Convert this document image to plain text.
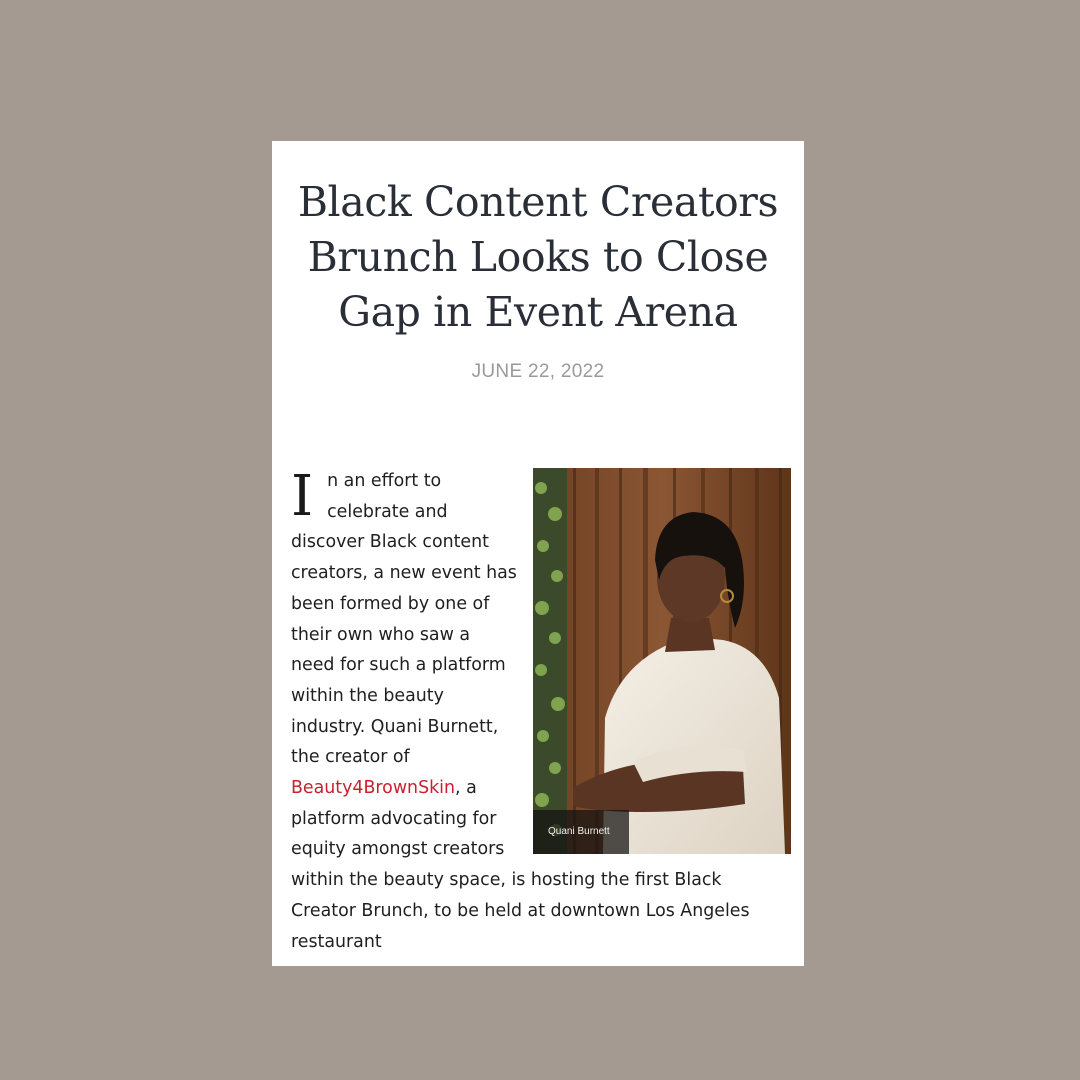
Black Content Creators Brunch Looks to Close Gap in Event Arena
JUNE 22, 2022
Quani Burnett
I n an effort to celebrate and discover Black content creators, a new event has been formed by one of their own who saw a need for such a platform within the beauty industry. Quani Burnett, the creator of Beauty4BrownSkin, a platform advocating for equity amongst creators within the beauty space, is hosting the first Black Creator Brunch, to be held at downtown Los Angeles restaurant
